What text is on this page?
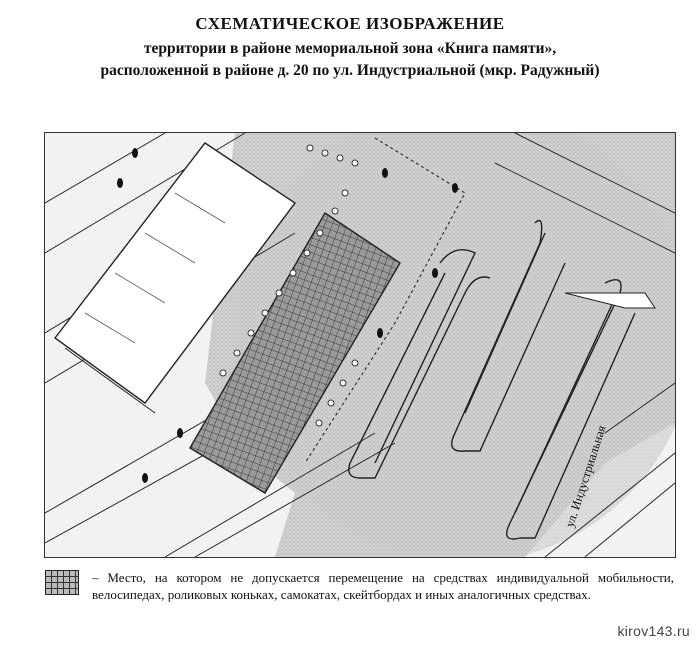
СХЕМАТИЧЕСКОЕ ИЗОБРАЖЕНИЕ
территории в районе мемориальной зона «Книга памяти»,
расположенной в районе д. 20 по ул. Индустриальной (мкр. Радужный)
ул. Индустриальная
– Место, на котором не допускается перемещение на средствах индивидуальной мобильности, велосипедах, роликовых коньках, самокатах, скейтбордах и иных аналогичных средствах.
kirov143.ru
